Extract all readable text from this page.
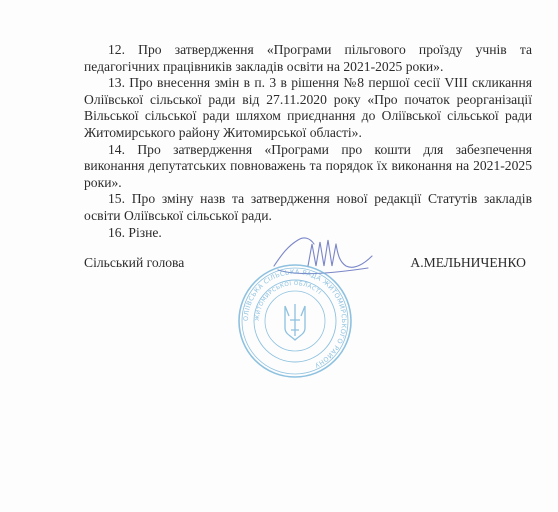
12. Про затвердження «Програми пільгового проїзду учнів та педагогічних працівників закладів освіти на 2021-2025 роки».

13. Про внесення змін в п. 3 в рішення №8 першої сесії VIII скликання Оліївської сільської ради від 27.11.2020 року «Про початок реорганізації Вільської сільської ради шляхом приєднання до Оліївської сільської ради Житомирського району Житомирської області».

14. Про затвердження «Програми про кошти для забезпечення виконання депутатських повноважень та порядок їх виконання на 2021-2025 роки».

15. Про зміну назв та затвердження нової редакції Статутів закладів освіти Оліївської сільської ради.

16. Різне.

ОЛІЇВСЬКА СІЛЬСЬКА РАДА ЖИТОМИРСЬКОГО РАЙОНУ
ЖИТОМИРСЬКОЇ ОБЛАСТІ
Сільський голова	А.МЕЛЬНИЧЕНКО
